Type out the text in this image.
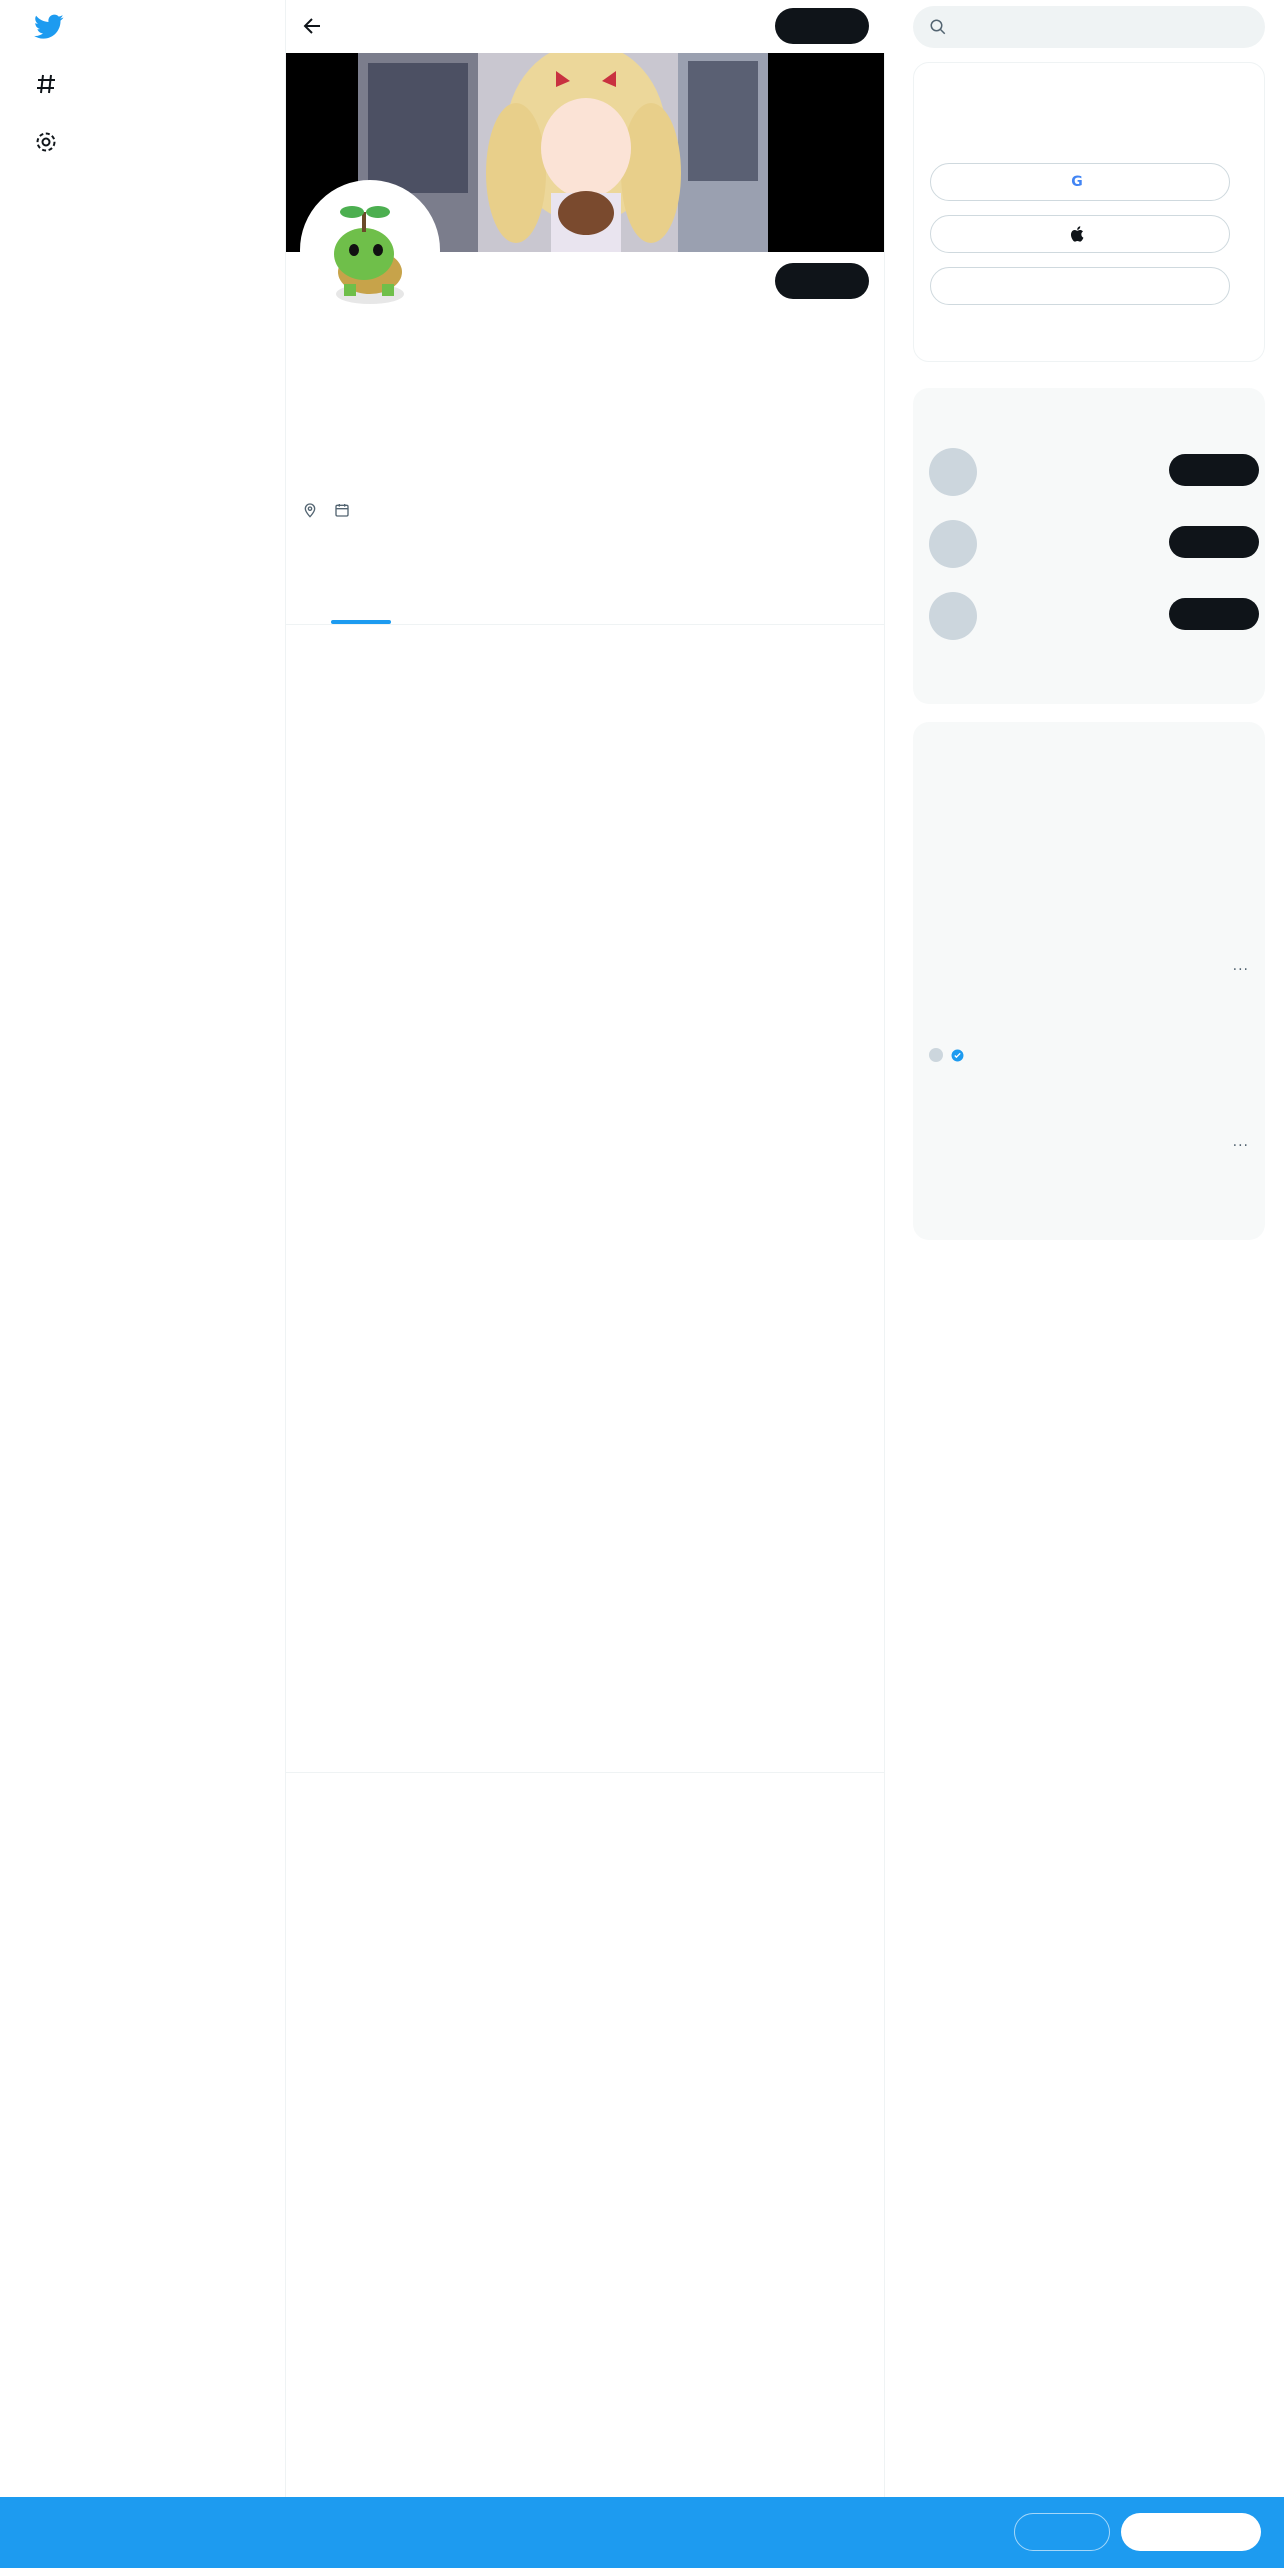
G
···
···
